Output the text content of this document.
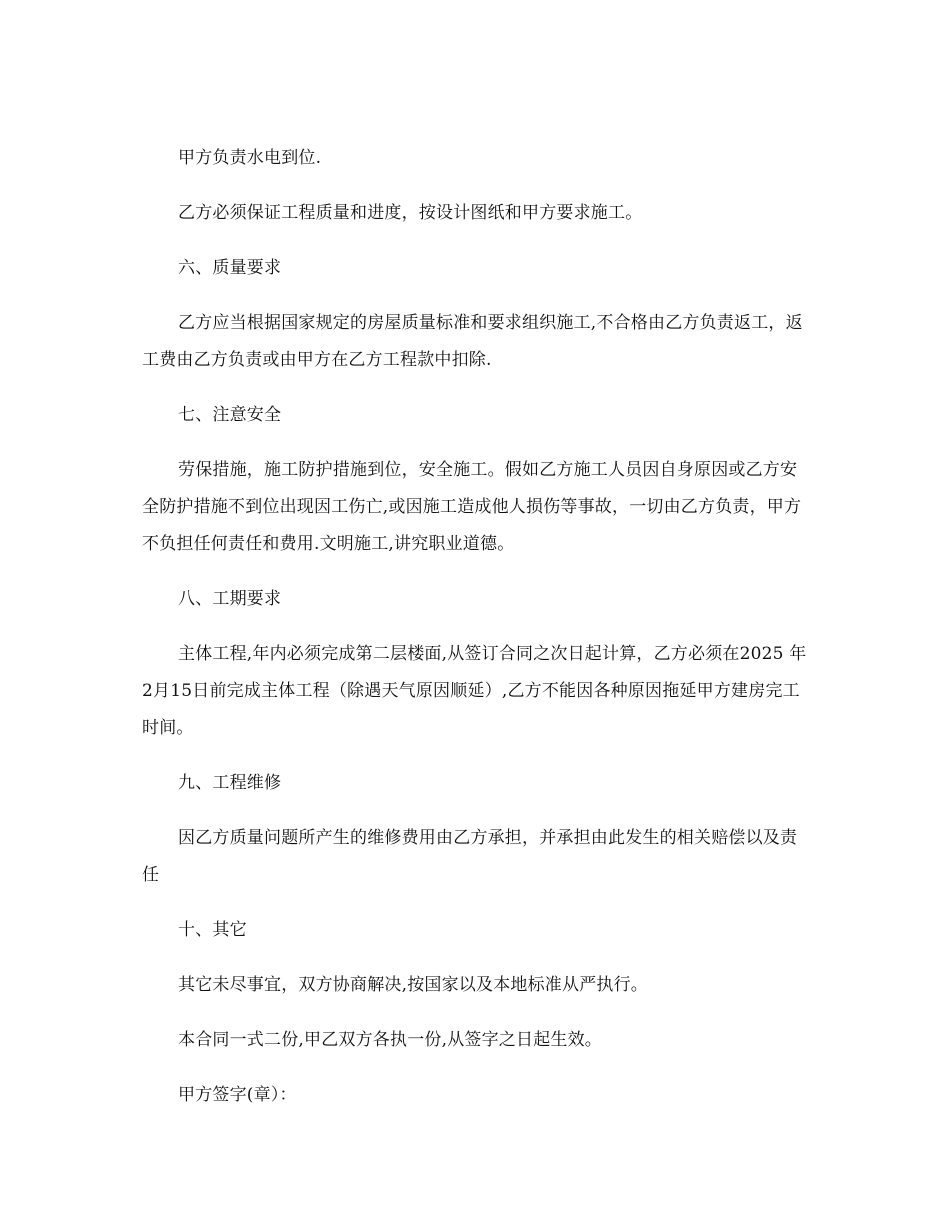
甲方负责水电到位.

乙方必须保证工程质量和进度，按设计图纸和甲方要求施工。

六、质量要求

乙方应当根据国家规定的房屋质量标准和要求组织施工,不合格由乙方负责返工，返工费由乙方负责或由甲方在乙方工程款中扣除.

七、注意安全

劳保措施，施工防护措施到位，安全施工。假如乙方施工人员因自身原因或乙方安全防护措施不到位出现因工伤亡,或因施工造成他人损伤等事故，一切由乙方负责，甲方不负担任何责任和费用.文明施工,讲究职业道德。

八、工期要求

主体工程,年内必须完成第二层楼面,从签订合同之次日起计算，乙方必须在2025 年2月15日前完成主体工程（除遇天气原因顺延）,乙方不能因各种原因拖延甲方建房完工时间。

九、工程维修

因乙方质量问题所产生的维修费用由乙方承担，并承担由此发生的相关赔偿以及责任

十、其它

其它未尽事宜，双方协商解决,按国家以及本地标准从严执行。

本合同一式二份,甲乙双方各执一份,从签字之日起生效。

甲方签字(章）：
